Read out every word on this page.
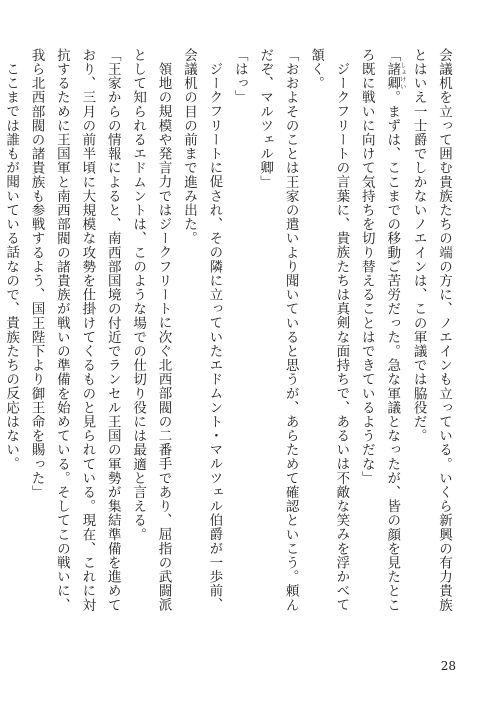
会議机を立って囲む貴族たちの端の方に、ノエインも立っている。いくら新興の有力貴族とはいえ一士爵でしかないノエインは、この軍議では脇役だ。

「諸卿しょけい。まずは、ここまでの移動ご苦労だった。急な軍議となったが、皆の顔を見たところ既に戦いに向けて気持ちを切り替えることはできているようだな」

ジークフリートの言葉に、貴族たちは真剣な面持ちで、あるいは不敵な笑みを浮かべて頷く。

「おおよそのことは王家の遣いより聞いていると思うが、あらためて確認といこう。頼んだぞ、マルツェル卿」

「はっ」

ジークフリートに促され、その隣に立っていたエドムント・マルツェル伯爵が一歩前、会議机の目の前まで進み出た。

領地の規模や発言力ではジークフリートに次ぐ北西部閥の二番手であり、屈指の武闘派として知られるエドムントは、このような場での仕切り役には最適と言える。

「王家からの情報によると、南西部国境の付近でランセル王国の軍勢が集結準備を進めており、三月の前半頃に大規模な攻勢を仕掛けてくるものと見られている。現在、これに対抗するために王国軍と南西部閥の諸貴族が戦いの準備を始めている。そしてこの戦いに、我ら北西部閥の諸貴族も参戦するよう、国王陛下より御王命を賜った」

ここまでは誰もが聞いている話なので、貴族たちの反応はない。

28
